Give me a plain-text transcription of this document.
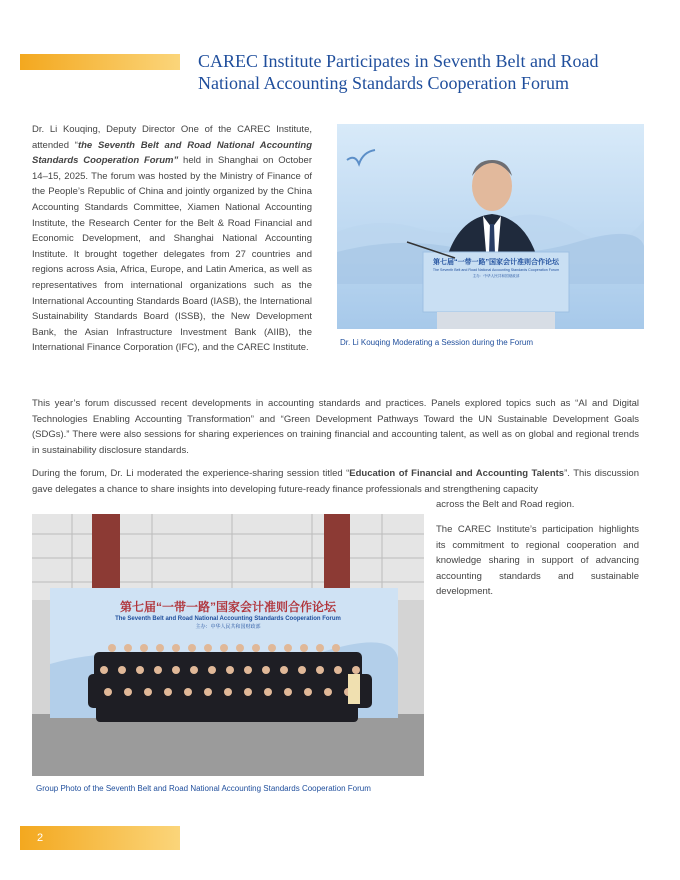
CAREC Institute Participates in Seventh Belt and Road
National Accounting Standards Cooperation Forum

Dr. Li Kouqing, Deputy Director One of the CAREC Institute, attended “the Seventh Belt and Road National Accounting Standards Cooperation Forum” held in Shanghai on October 14–15, 2025. The forum was hosted by the Ministry of Finance of the People’s Republic of China and jointly organized by the China Accounting Standards Committee, Xiamen National Accounting Institute, the Research Center for the Belt & Road Financial and Economic Development, and Shanghai National Accounting Institute. It brought together delegates from 27 countries and regions across Asia, Africa, Europe, and Latin America, as well as representatives from international organizations such as the International Accounting Standards Board (IASB), the International Sustainability Standards Board (ISSB), the New Development Bank, the Asian Infrastructure Investment Bank (AIIB), the International Finance Corporation (IFC), and the CAREC Institute.

第七届“一带一路”国家会计准则合作论坛
The Seventh Belt and Road National Accounting Standards Cooperation Forum
主办：中华人民共和国财政部

Dr. Li Kouqing Moderating a Session during the Forum

This year’s forum discussed recent developments in accounting standards and practices. Panels explored topics such as “AI and Digital Technologies Enabling Accounting Transformation” and “Green Development Pathways Toward the UN Sustainable Development Goals (SDGs).” There were also sessions for sharing experiences on training financial and accounting talent, as well as on global and regional trends in sustainability disclosure standards.

During the forum, Dr. Li moderated the experience-sharing session titled “Education of Financial and Accounting Talents”. This discussion gave delegates a chance to share insights into developing future-ready finance professionals and strengthening capacity
across the Belt and Road region.

第七届“一带一路”国家会计准则合作论坛
The Seventh Belt and Road National Accounting Standards Cooperation Forum
主办：中华人民共和国财政部

Group Photo of the Seventh Belt and Road National Accounting Standards Cooperation Forum

The CAREC Institute’s participation highlights its commitment to regional cooperation and knowledge sharing in support of advancing accounting standards and sustainable development.

2
